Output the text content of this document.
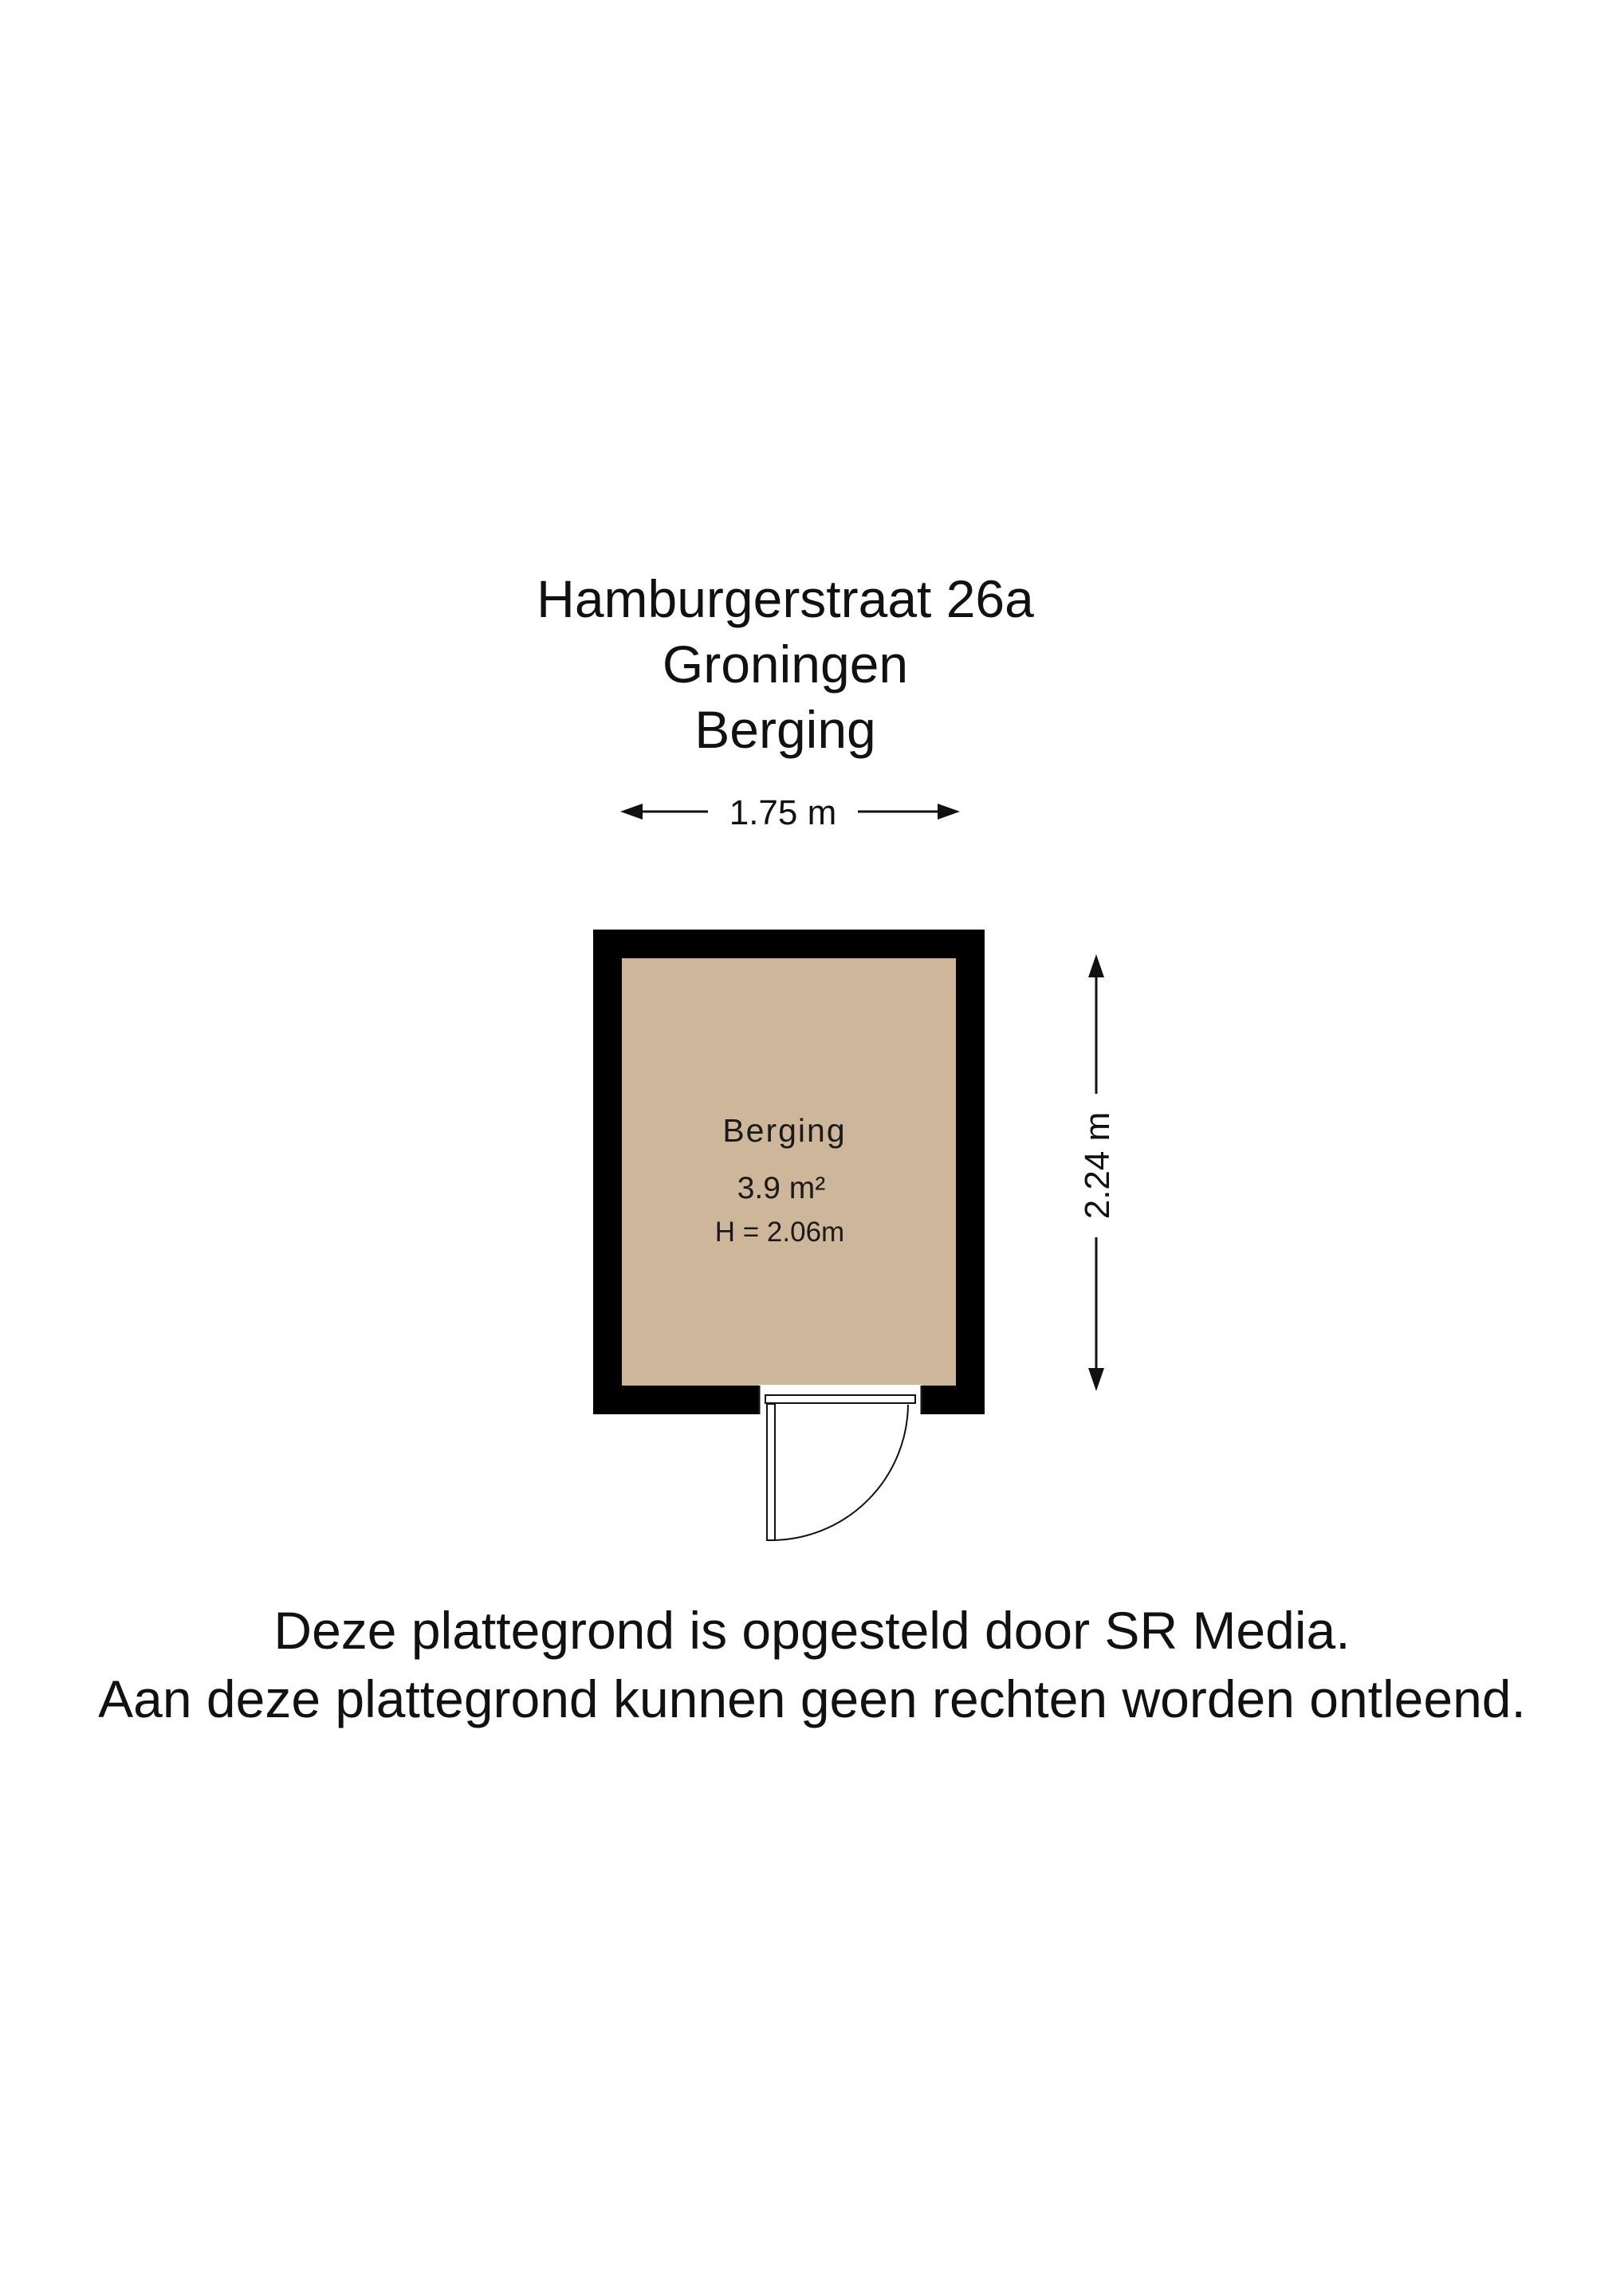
Hamburgerstraat 26a
Groningen
Berging
1.75 m
2.24 m
Berging
3.9 m²
H = 2.06m
Deze plattegrond is opgesteld door SR Media.
Aan deze plattegrond kunnen geen rechten worden ontleend.
